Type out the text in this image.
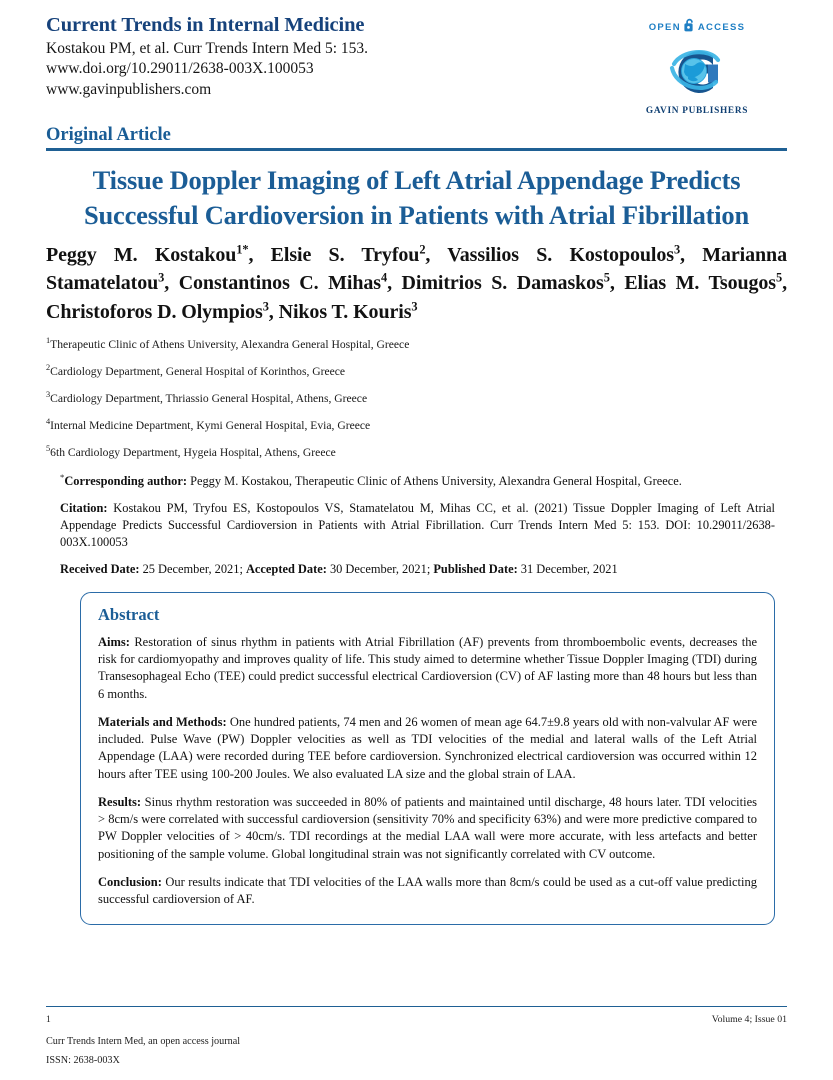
Current Trends in Internal Medicine
Kostakou PM, et al. Curr Trends Intern Med 5: 153.
www.doi.org/10.29011/2638-003X.100053
www.gavinpublishers.com
OPEN ACCESS
GAVIN PUBLISHERS
Original Article
Tissue Doppler Imaging of Left Atrial Appendage Predicts Successful Cardioversion in Patients with Atrial Fibrillation
Peggy M. Kostakou$^{1*}$, Elsie S. Tryfou$^2$, Vassilios S. Kostopoulos$^3$, Marianna Stamatelatou$^3$, Constantinos C. Mihas$^4$, Dimitrios S. Damaskos$^5$, Elias M. Tsougos$^5$, Christoforos D. Olympios$^3$, Nikos T. Kouris$^3$
$^1$Therapeutic Clinic of Athens University, Alexandra General Hospital, Greece
$^2$Cardiology Department, General Hospital of Korinthos, Greece
$^3$Cardiology Department, Thriassio General Hospital, Athens, Greece
$^4$Internal Medicine Department, Kymi General Hospital, Evia, Greece
$^5$6th Cardiology Department, Hygeia Hospital, Athens, Greece
*Corresponding author: Peggy M. Kostakou, Therapeutic Clinic of Athens University, Alexandra General Hospital, Greece.
Citation: Kostakou PM, Tryfou ES, Kostopoulos VS, Stamatelatou M, Mihas CC, et al. (2021) Tissue Doppler Imaging of Left Atrial Appendage Predicts Successful Cardioversion in Patients with Atrial Fibrillation. Curr Trends Intern Med 5: 153. DOI: 10.29011/2638-003X.100053
Received Date: 25 December, 2021; Accepted Date: 30 December, 2021; Published Date: 31 December, 2021
Abstract

Aims: Restoration of sinus rhythm in patients with Atrial Fibrillation (AF) prevents from thromboembolic events, decreases the risk for cardiomyopathy and improves quality of life. This study aimed to determine whether Tissue Doppler Imaging (TDI) during Transesophageal Echo (TEE) could predict successful electrical Cardioversion (CV) of AF lasting more than 48 hours but less than 6 months.

Materials and Methods: One hundred patients, 74 men and 26 women of mean age 64.7±9.8 years old with non-valvular AF were included. Pulse Wave (PW) Doppler velocities as well as TDI velocities of the medial and lateral walls of the Left Atrial Appendage (LAA) were recorded during TEE before cardioversion. Synchronized electrical cardioversion was occurred within 12 hours after TEE using 100-200 Joules. We also evaluated LA size and the global strain of LAA.

Results: Sinus rhythm restoration was succeeded in 80% of patients and maintained until discharge, 48 hours later. TDI velocities > 8cm/s were correlated with successful cardioversion (sensitivity 70% and specificity 63%) and were more predictive compared to PW Doppler velocities of > 40cm/s. TDI recordings at the medial LAA wall were more accurate, with less artefacts and better positioning of the sample volume. Global longitudinal strain was not significantly correlated with CV outcome.

Conclusion: Our results indicate that TDI velocities of the LAA walls more than 8cm/s could be used as a cut-off value predicting successful cardioversion of AF.

1	Volume 4; Issue 01
Curr Trends Intern Med, an open access journal
ISSN: 2638-003X
